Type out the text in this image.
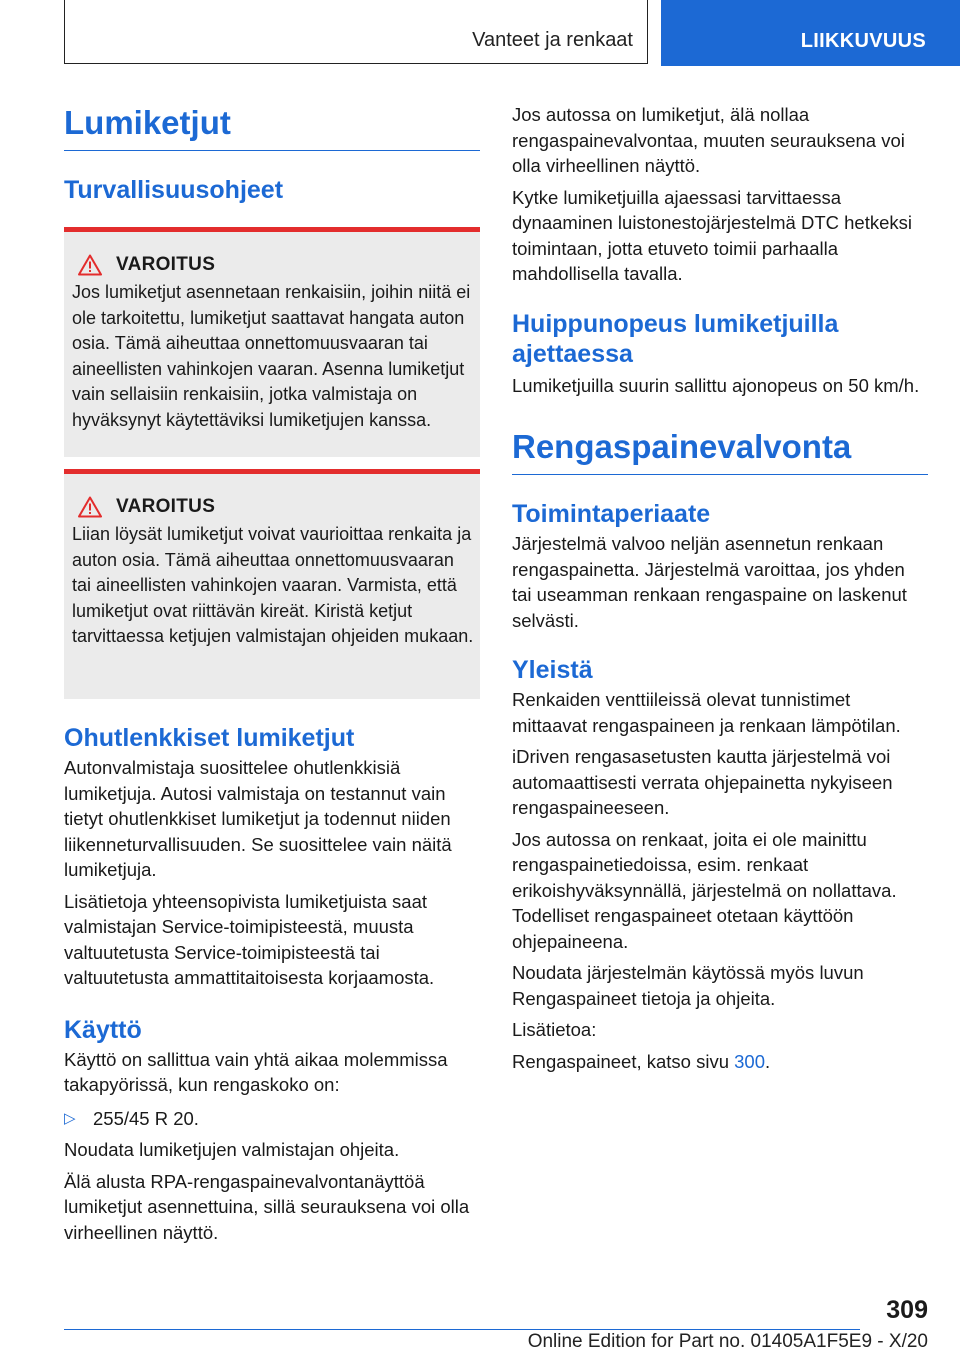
Vanteet ja renkaat	LIIKKUVUUS
Lumiketjut
Turvallisuusohjeet
VAROITUS

Jos lumiketjut asennetaan renkaisiin, joihin niitä ei ole tarkoitettu, lumiketjut saattavat hangata auton osia. Tämä aiheuttaa onnettomuusvaaran tai aineellisten vahinkojen vaaran. Asenna lumiketjut vain sellaisiin renkaisiin, jotka valmistaja on hyväksynyt käytettäviksi lumiketjujen kanssa.

VAROITUS

Liian löysät lumiketjut voivat vaurioittaa renkaita ja auton osia. Tämä aiheuttaa onnettomuusvaaran tai aineellisten vahinkojen vaaran. Varmista, että lumiketjut ovat riittävän kireät. Kiristä ketjut tarvittaessa ketjujen valmistajan ohjeiden mukaan.

Ohutlenkkiset lumiketjut

Autonvalmistaja suosittelee ohutlenkkisiä lumiketjuja. Autosi valmistaja on testannut vain tietyt ohutlenkkiset lumiketjut ja todennut niiden liikenneturvallisuuden. Se suosittelee vain näitä lumiketjuja.

Lisätietoja yhteensopivista lumiketjuista saat valmistajan Service-toimipisteestä, muusta valtuutetusta Service-toimipisteestä tai valtuutetusta ammattitaitoisesta korjaamosta.

Käyttö

Käyttö on sallittua vain yhtä aikaa molemmissa takapyörissä, kun rengaskoko on:

▷ 255/45 R 20.

Noudata lumiketjujen valmistajan ohjeita.

Älä alusta RPA-rengaspainevalvontanäyttöä lumiketjut asennettuina, sillä seurauksena voi olla virheellinen näyttö.

Jos autossa on lumiketjut, älä nollaa rengaspainevalvontaa, muuten seurauksena voi olla virheellinen näyttö.

Kytke lumiketjuilla ajaessasi tarvittaessa dynaaminen luistonestojärjestelmä DTC hetkeksi toimintaan, jotta etuveto toimii parhaalla mahdollisella tavalla.

Huippunopeus lumiketjuilla ajettaessa

Lumiketjuilla suurin sallittu ajonopeus on 50 km/h.

Rengaspainevalvonta
Toimintaperiaate

Järjestelmä valvoo neljän asennetun renkaan rengaspainetta. Järjestelmä varoittaa, jos yhden tai useamman renkaan rengaspaine on laskenut selvästi.

Yleistä

Renkaiden venttiileissä olevat tunnistimet mittaavat rengaspaineen ja renkaan lämpötilan.

iDriven rengasasetusten kautta järjestelmä voi automaattisesti verrata ohjepainetta nykyiseen rengaspaineeseen.

Jos autossa on renkaat, joita ei ole mainittu rengaspainetiedoissa, esim. renkaat erikoishyväksynnällä, järjestelmä on nollattava. Todelliset rengaspaineet otetaan käyttöön ohjepaineena.

Noudata järjestelmän käytössä myös luvun Rengaspaineet tietoja ja ohjeita.

Lisätietoa:

Rengaspaineet, katso sivu 300.

309
Online Edition for Part no. 01405A1F5E9 - X/20
